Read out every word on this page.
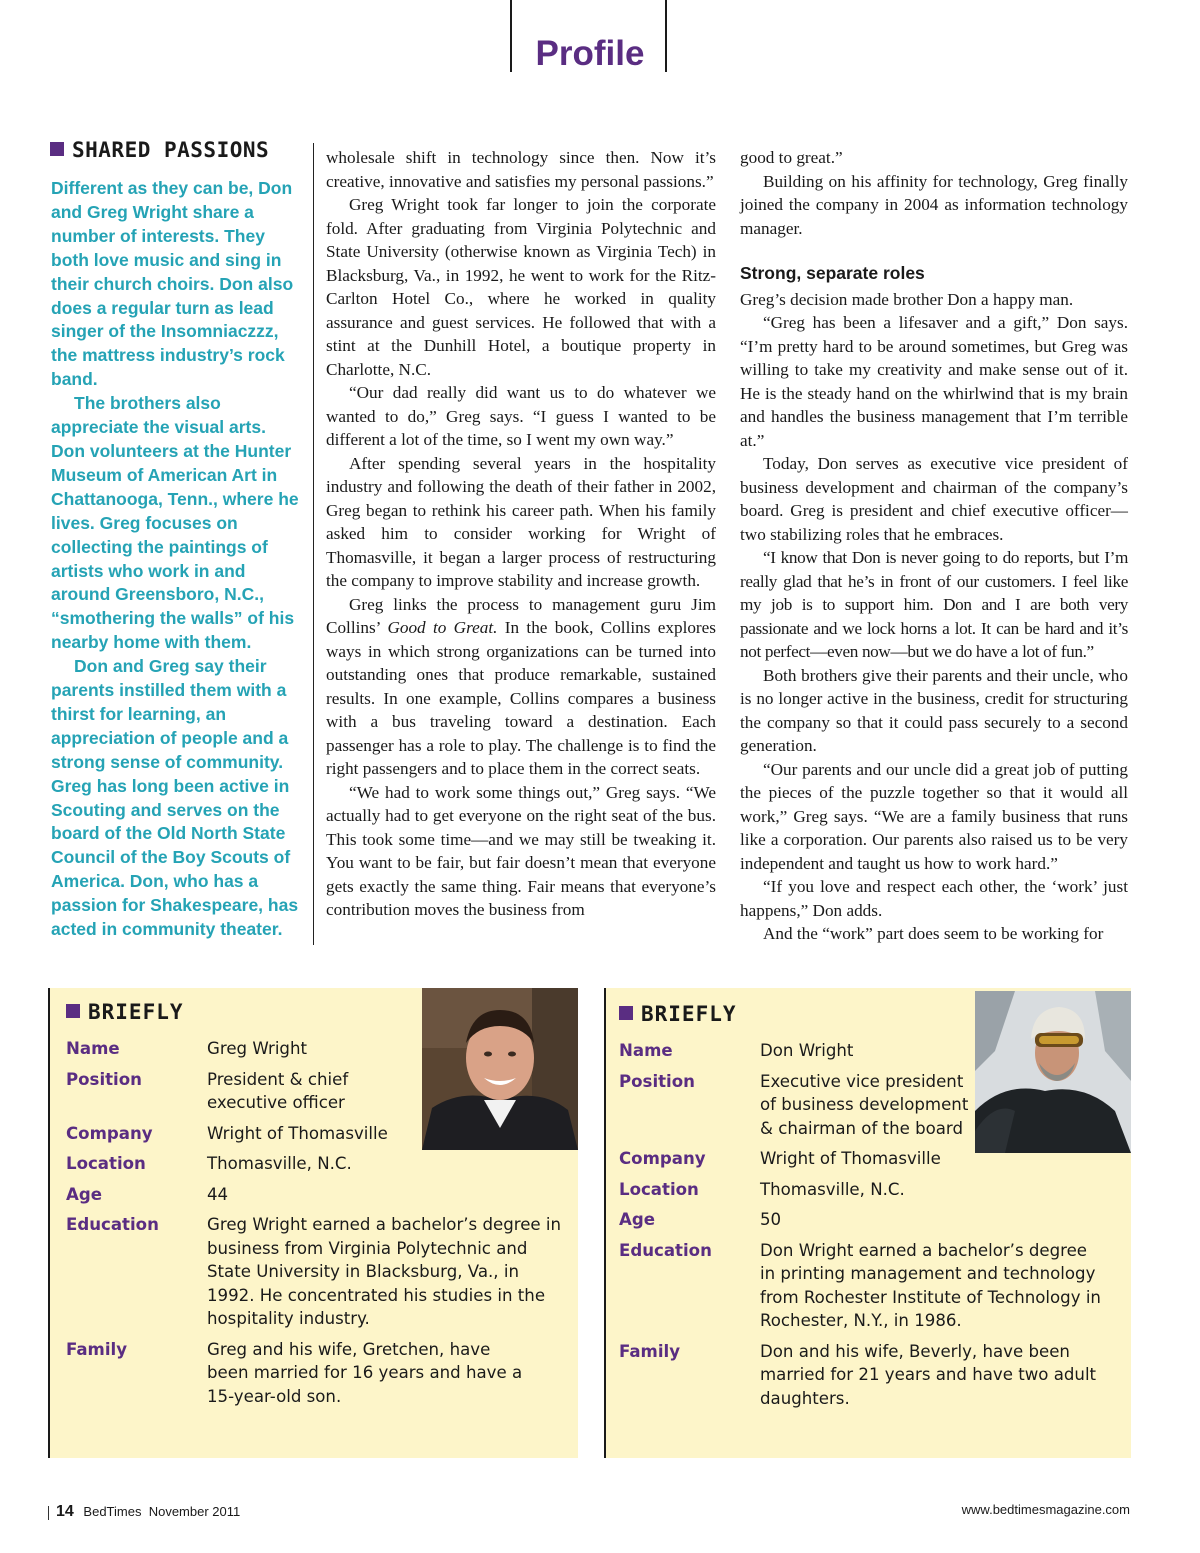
Profile
SHARED PASSIONS

Different as they can be, Don and Greg Wright share a number of interests. They both love music and sing in their church choirs. Don also does a regular turn as lead singer of the Insomniaczzz, the mattress industry’s rock band.

The brothers also appreciate the visual arts. Don volunteers at the Hunter Museum of American Art in Chattanooga, Tenn., where he lives. Greg focuses on collecting the paintings of artists who work in and around Greensboro, N.C., “smothering the walls” of his nearby home with them.

Don and Greg say their parents instilled them with a thirst for learning, an appreciation of people and a strong sense of community. Greg has long been active in Scouting and serves on the board of the Old North State Council of the Boy Scouts of America. Don, who has a passion for Shakespeare, has acted in community theater.

wholesale shift in technology since then. Now it’s creative, innovative and satisfies my personal passions.”

Greg Wright took far longer to join the corporate fold. After graduating from Virginia Polytechnic and State University (otherwise known as Virginia Tech) in Blacksburg, Va., in 1992, he went to work for the Ritz-Carlton Hotel Co., where he worked in quality assurance and guest services. He followed that with a stint at the Dunhill Hotel, a boutique property in Charlotte, N.C.

“Our dad really did want us to do whatever we wanted to do,” Greg says. “I guess I wanted to be different a lot of the time, so I went my own way.”

After spending several years in the hospitality industry and following the death of their father in 2002, Greg began to rethink his career path. When his family asked him to consider working for Wright of Thomasville, it began a larger process of restructuring the company to improve stability and increase growth.

Greg links the process to management guru Jim Collins’ Good to Great. In the book, Collins explores ways in which strong organizations can be turned into outstanding ones that produce remarkable, sustained results. In one example, Collins compares a business with a bus traveling toward a destination. Each passenger has a role to play. The challenge is to find the right passengers and to place them in the correct seats.

“We had to work some things out,” Greg says. “We actually had to get everyone on the right seat of the bus. This took some time—and we may still be tweaking it. You want to be fair, but fair doesn’t mean that everyone gets exactly the same thing. Fair means that everyone’s contribution moves the business from

good to great.”

Building on his affinity for technology, Greg finally joined the company in 2004 as information technology manager.

Strong, separate roles

Greg’s decision made brother Don a happy man.

“Greg has been a lifesaver and a gift,” Don says. “I’m pretty hard to be around sometimes, but Greg was willing to take my creativity and make sense out of it. He is the steady hand on the whirlwind that is my brain and handles the business management that I’m terrible at.”

Today, Don serves as executive vice president of business development and chairman of the company’s board. Greg is president and chief executive officer—two stabilizing roles that he embraces.

“I know that Don is never going to do reports, but I’m really glad that he’s in front of our customers. I feel like my job is to support him. Don and I are both very passionate and we lock horns a lot. It can be hard and it’s not perfect—even now—but we do have a lot of fun.”

Both brothers give their parents and their uncle, who is no longer active in the business, credit for structuring the company so that it could pass securely to a second generation.

“Our parents and our uncle did a great job of putting the pieces of the puzzle together so that it would all work,” Greg says. “We are a family business that runs like a corporation. Our parents also raised us to be very independent and taught us how to work hard.”

“If you love and respect each other, the ‘work’ just happens,” Don adds.

And the “work” part does seem to be working for

BRIEFLY
Name	Greg Wright
Position	President & chief executive officer
Company	Wright of Thomasville
Location	Thomasville, N.C.
Age	44
Education	Greg Wright earned a bachelor’s degree in business from Virginia Polytechnic and State University in Blacksburg, Va., in 1992. He concentrated his studies in the hospitality industry.
Family	Greg and his wife, Gretchen, have been married for 16 years and have a 15-year-old son.
BRIEFLY
Name	Don Wright
Position	Executive vice president of business development & chairman of the board
Company	Wright of Thomasville
Location	Thomasville, N.C.
Age	50
Education	Don Wright earned a bachelor’s degree in printing management and technology from Rochester Institute of Technology in Rochester, N.Y., in 1986.
Family	Don and his wife, Beverly, have been married for 21 years and have two adult daughters.
14 BedTimes November 2011	www.bedtimesmagazine.com
